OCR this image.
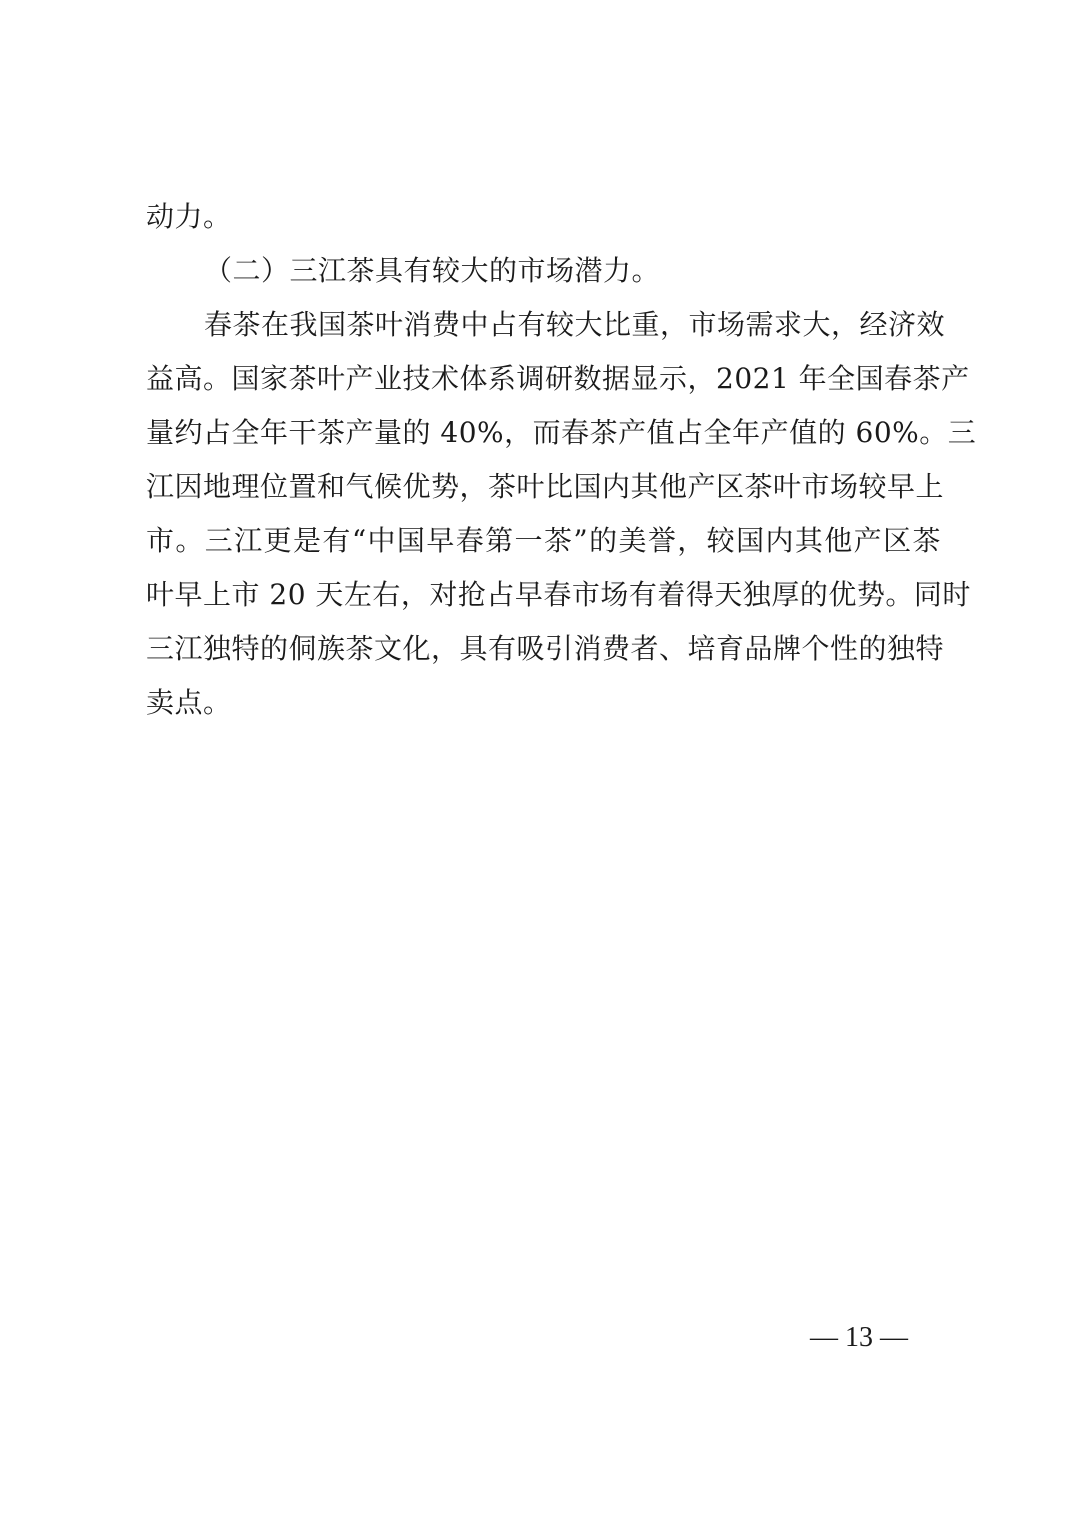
动力。
（二）三江茶具有较大的市场潜力。
春茶在我国茶叶消费中占有较大比重，市场需求大，经济效
益高。国家茶叶产业技术体系调研数据显示，2021 年全国春茶产
量约占全年干茶产量的 40%，而春茶产值占全年产值的 60%。三
江因地理位置和气候优势，茶叶比国内其他产区茶叶市场较早上
市。三江更是有“中国早春第一茶”的美誉，较国内其他产区茶
叶早上市 20 天左右，对抢占早春市场有着得天独厚的优势。同时
三江独特的侗族茶文化，具有吸引消费者、培育品牌个性的独特
卖点。
— 13 —
